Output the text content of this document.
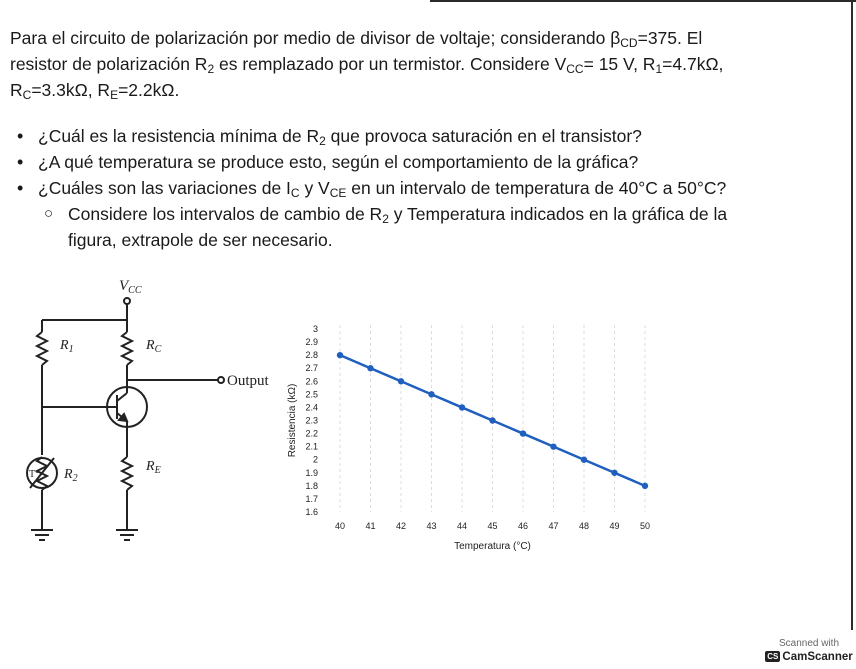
Para el circuito de polarización por medio de divisor de voltaje; considerando $\beta_{CD}=375$. El
resistor de polarización $R_2$ es remplazado por un termistor. Considere $V_{CC}= 15$ V, $R_1=4.7k\Omega$,
$R_C=3.3k\Omega$, $R_E=2.2k\Omega$.
• ¿Cuál es la resistencia mínima de $R_2$ que provoca saturación en el transistor?
• ¿A qué temperatura se produce esto, según el comportamiento de la gráfica?
• ¿Cuáles son las variaciones de $I_C$ y $V_{CE}$ en un intervalo de temperatura de 40°C a 50°C?
○ Considere los intervalos de cambio de $R_2$ y Temperatura indicados en la gráfica de la
figura, extrapole de ser necesario.
$V_{CC}$
$R_1$	$R_C$
$R_E$
$R_2$
T°
Output
40 41 42 43 44 45 46 47 48 49 50
1.6
1.7
1.8
1.9
2
2.1
2.2
2.3
2.4
2.5
2.6
2.7
2.8
2.9
3
Temperatura (°C)
Resistencia (kΩ)
Scanned with
CS CamScanner
